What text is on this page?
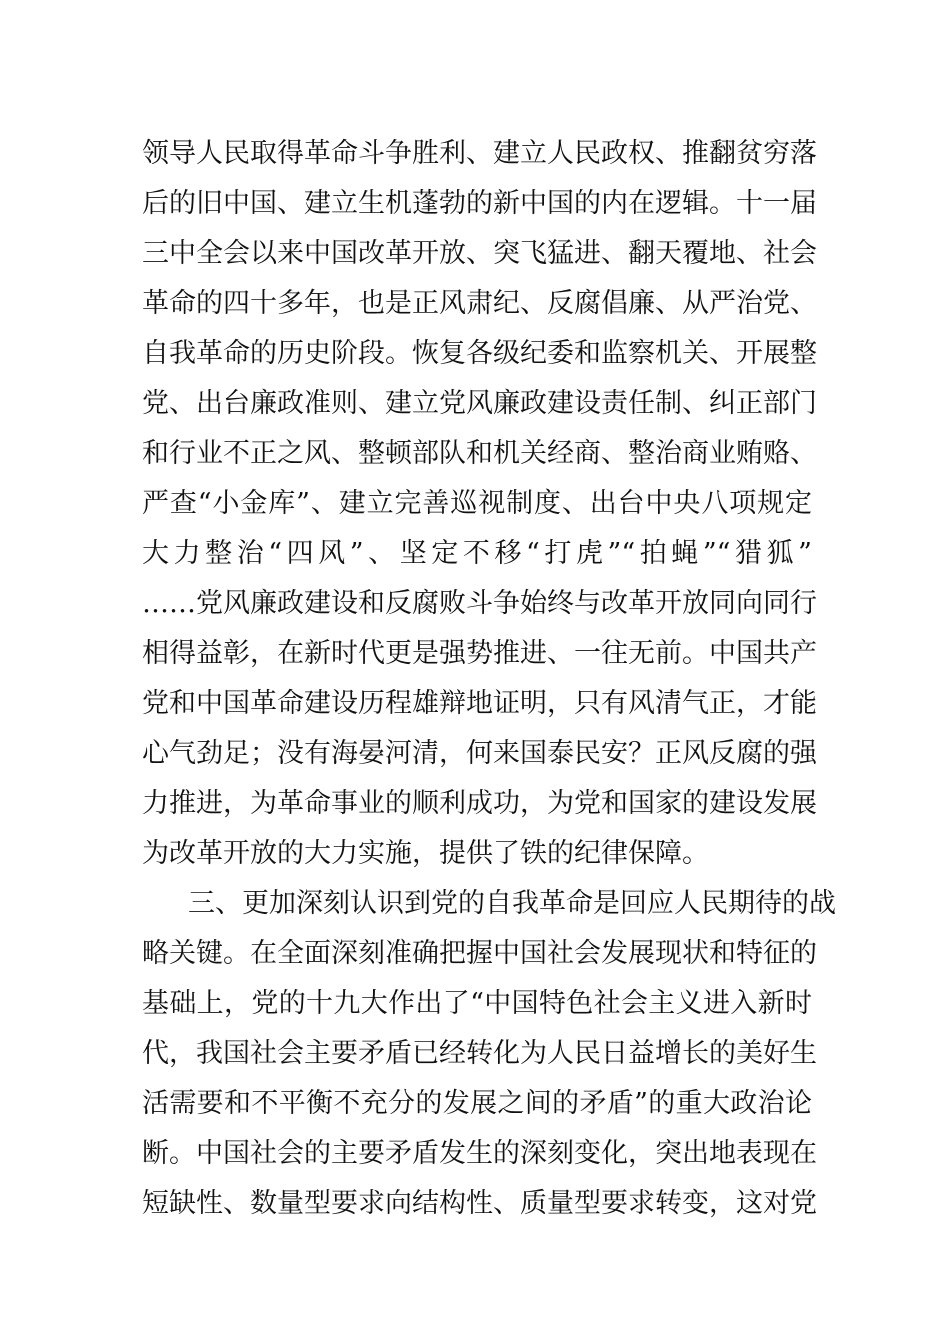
领导人民取得革命斗争胜利、建立人民政权、推翻贫穷落
后的旧中国、建立生机蓬勃的新中国的内在逻辑。十一届
三中全会以来中国改革开放、突飞猛进、翻天覆地、社会
革命的四十多年，也是正风肃纪、反腐倡廉、从严治党、
自我革命的历史阶段。恢复各级纪委和监察机关、开展整
党、出台廉政准则、建立党风廉政建设责任制、纠正部门
和行业不正之风、整顿部队和机关经商、整治商业贿赂、
严查“小金库”、建立完善巡视制度、出台中央八项规定
大力整治“四风”、坚定不移“打虎”“拍蝇”“猎狐”
……党风廉政建设和反腐败斗争始终与改革开放同向同行
相得益彰，在新时代更是强势推进、一往无前。中国共产
党和中国革命建设历程雄辩地证明，只有风清气正，才能
心气劲足；没有海晏河清，何来国泰民安？正风反腐的强
力推进，为革命事业的顺利成功，为党和国家的建设发展
为改革开放的大力实施，提供了铁的纪律保障。
三、更加深刻认识到党的自我革命是回应人民期待的战
略关键。在全面深刻准确把握中国社会发展现状和特征的
基础上，党的十九大作出了“中国特色社会主义进入新时
代，我国社会主要矛盾已经转化为人民日益增长的美好生
活需要和不平衡不充分的发展之间的矛盾”的重大政治论
断。中国社会的主要矛盾发生的深刻变化，突出地表现在
短缺性、数量型要求向结构性、质量型要求转变，这对党
